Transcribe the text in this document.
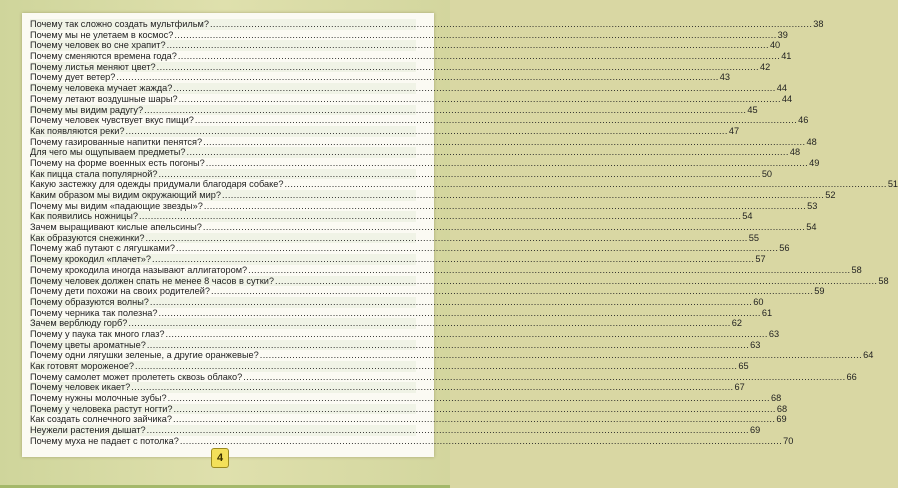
Почему так сложно создать мультфильм? .....	38
Почему мы не улетаем в космос? .....	39
Почему человек во сне храпит? .....	40
Почему сменяются времена года? .....	41
Почему листья меняют цвет? .....	42
Почему дует ветер? .....	43
Почему человека мучает жажда? .....	44
Почему летают воздушные шары? .....	44
Почему мы видим радугу? .....	45
Почему человек чувствует вкус пищи? .....	46
Как появляются реки? .....	47
Почему газированные напитки пенятся? .....	48
Для чего мы ощупываем предметы? .....	48
Почему на форме военных есть погоны? .....	49
Как пицца стала популярной? .....	50
Какую застежку для одежды придумали благодаря собаке? .....	51
Каким образом мы видим окружающий мир? .....	52
Почему мы видим «падающие звезды»? .....	53
Как появились ножницы? .....	54
Зачем выращивают кислые апельсины? .....	54
Как образуются снежинки? .....	55
Почему жаб путают с лягушками? .....	56
Почему крокодил «плачет»? .....	57
Почему крокодила иногда называют аллигатором? .....	58
Почему человек должен спать не менее 8 часов в сутки? .....	58
Почему дети похожи на своих родителей? .....	59
Почему образуются волны? .....	60
Почему черника так полезна? .....	61
Зачем верблюду горб? .....	62
Почему у паука так много глаз? .....	63
Почему цветы ароматные? .....	63
Почему одни лягушки зеленые, а другие оранжевые? .....	64
Как готовят мороженое? .....	65
Почему самолет может пролететь сквозь облако? .....	66
Почему человек икает? .....	67
Почему нужны молочные зубы? .....	68
Почему у человека растут ногти? .....	68
Как создать солнечного зайчика? .....	69
Неужели растения дышат? .....	69
Почему муха не падает с потолка? .....	70
4
